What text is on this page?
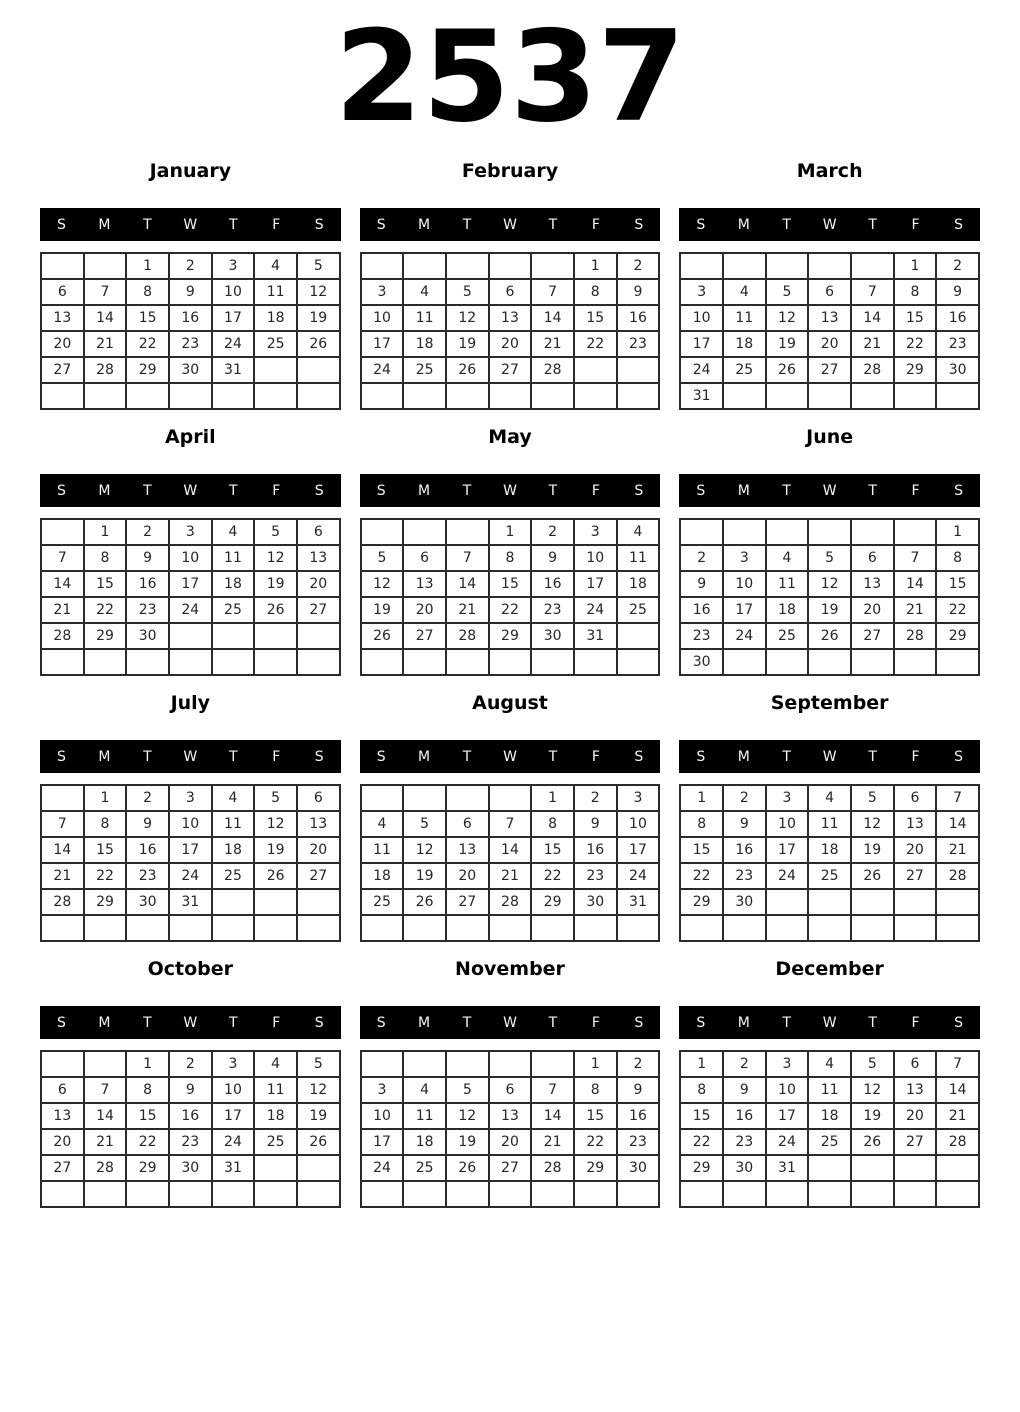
2537
January
S	M	T	W	T	F	S
		1	2	3	4	5
6	7	8	9	10	11	12
13	14	15	16	17	18	19
20	21	22	23	24	25	26
27	28	29	30	31		

February
S	M	T	W	T	F	S
					1	2
3	4	5	6	7	8	9
10	11	12	13	14	15	16
17	18	19	20	21	22	23
24	25	26	27	28		

March
S	M	T	W	T	F	S
					1	2
3	4	5	6	7	8	9
10	11	12	13	14	15	16
17	18	19	20	21	22	23
24	25	26	27	28	29	30
31						
April
S	M	T	W	T	F	S
	1	2	3	4	5	6
7	8	9	10	11	12	13
14	15	16	17	18	19	20
21	22	23	24	25	26	27
28	29	30				

May
S	M	T	W	T	F	S
			1	2	3	4
5	6	7	8	9	10	11
12	13	14	15	16	17	18
19	20	21	22	23	24	25
26	27	28	29	30	31	

June
S	M	T	W	T	F	S
						1
2	3	4	5	6	7	8
9	10	11	12	13	14	15
16	17	18	19	20	21	22
23	24	25	26	27	28	29
30						
July
S	M	T	W	T	F	S
	1	2	3	4	5	6
7	8	9	10	11	12	13
14	15	16	17	18	19	20
21	22	23	24	25	26	27
28	29	30	31			

August
S	M	T	W	T	F	S
				1	2	3
4	5	6	7	8	9	10
11	12	13	14	15	16	17
18	19	20	21	22	23	24
25	26	27	28	29	30	31

September
S	M	T	W	T	F	S
1	2	3	4	5	6	7
8	9	10	11	12	13	14
15	16	17	18	19	20	21
22	23	24	25	26	27	28
29	30					

October
S	M	T	W	T	F	S
		1	2	3	4	5
6	7	8	9	10	11	12
13	14	15	16	17	18	19
20	21	22	23	24	25	26
27	28	29	30	31		

November
S	M	T	W	T	F	S
					1	2
3	4	5	6	7	8	9
10	11	12	13	14	15	16
17	18	19	20	21	22	23
24	25	26	27	28	29	30

December
S	M	T	W	T	F	S
1	2	3	4	5	6	7
8	9	10	11	12	13	14
15	16	17	18	19	20	21
22	23	24	25	26	27	28
29	30	31				
